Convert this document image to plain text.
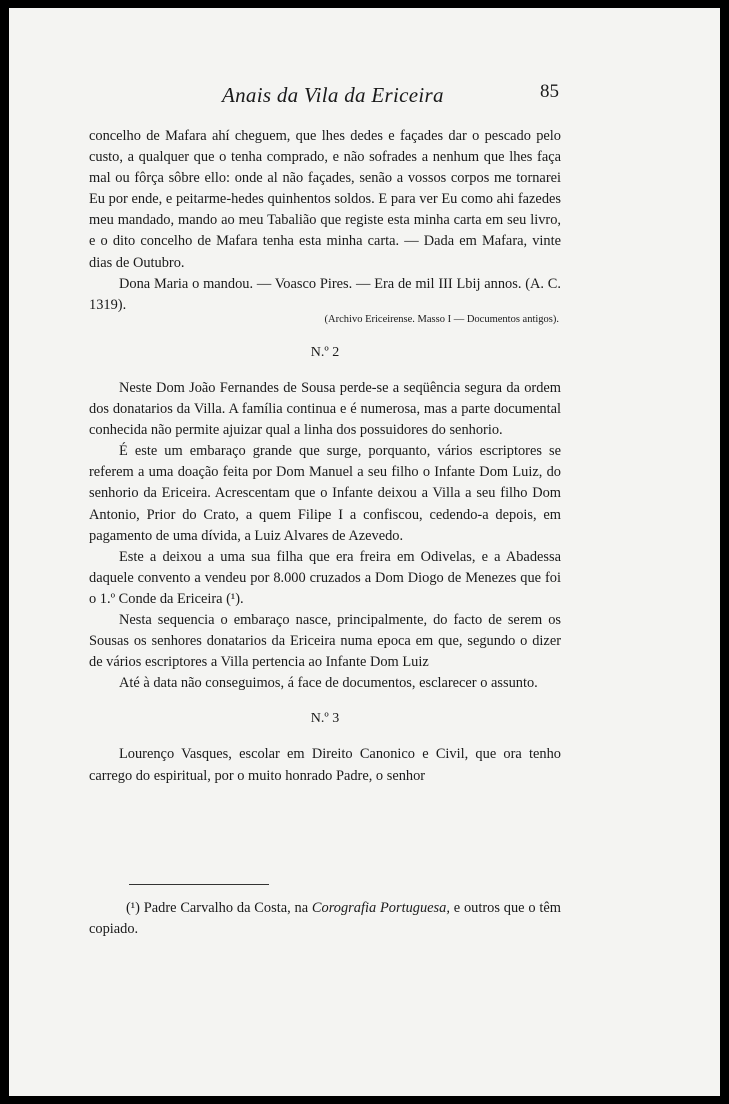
Anais da Vila da Ericeira	85

concelho de Mafara ahí cheguem, que lhes dedes e façades dar o pescado pelo custo, a qualquer que o tenha comprado, e não sofrades a nenhum que lhes faça mal ou fôrça sôbre ello: onde al não façades, senão a vossos corpos me tornarei Eu por ende, e peitarme-hedes quinhentos soldos. E para ver Eu como ahi fazedes meu mandado, mando ao meu Tabalião que registe esta minha carta em seu livro, e o dito concelho de Mafara tenha esta minha carta. — Dada em Mafara, vinte dias de Outubro.

Dona Maria o mandou. — Voasco Pires. — Era de mil III Lbij annos. (A. C. 1319).

(Archivo Ericeirense. Masso I — Documentos antigos).
N.º 2

Neste Dom João Fernandes de Sousa perde-se a seqüência segura da ordem dos donatarios da Villa. A família continua e é numerosa, mas a parte documental conhecida não permite ajuizar qual a linha dos possuidores do senhorio.

É este um embaraço grande que surge, porquanto, vários escriptores se referem a uma doação feita por Dom Manuel a seu filho o Infante Dom Luiz, do senhorio da Ericeira. Acrescentam que o Infante deixou a Villa a seu filho Dom Antonio, Prior do Crato, a quem Filipe I a confiscou, cedendo-a depois, em pagamento de uma dívida, a Luiz Alvares de Azevedo.

Este a deixou a uma sua filha que era freira em Odivelas, e a Abadessa daquele convento a vendeu por 8.000 cruzados a Dom Diogo de Menezes que foi o 1.º Conde da Ericeira (¹).

Nesta sequencia o embaraço nasce, principalmente, do facto de serem os Sousas os senhores donatarios da Ericeira numa epoca em que, segundo o dizer de vários escriptores a Villa pertencia ao Infante Dom Luiz

Até à data não conseguimos, á face de documentos, esclarecer o assunto.

N.º 3

Lourenço Vasques, escolar em Direito Canonico e Civil, que ora tenho carrego do espiritual, por o muito honrado Padre, o senhor

(¹) Padre Carvalho da Costa, na Corografia Portuguesa, e outros que o têm copiado.
